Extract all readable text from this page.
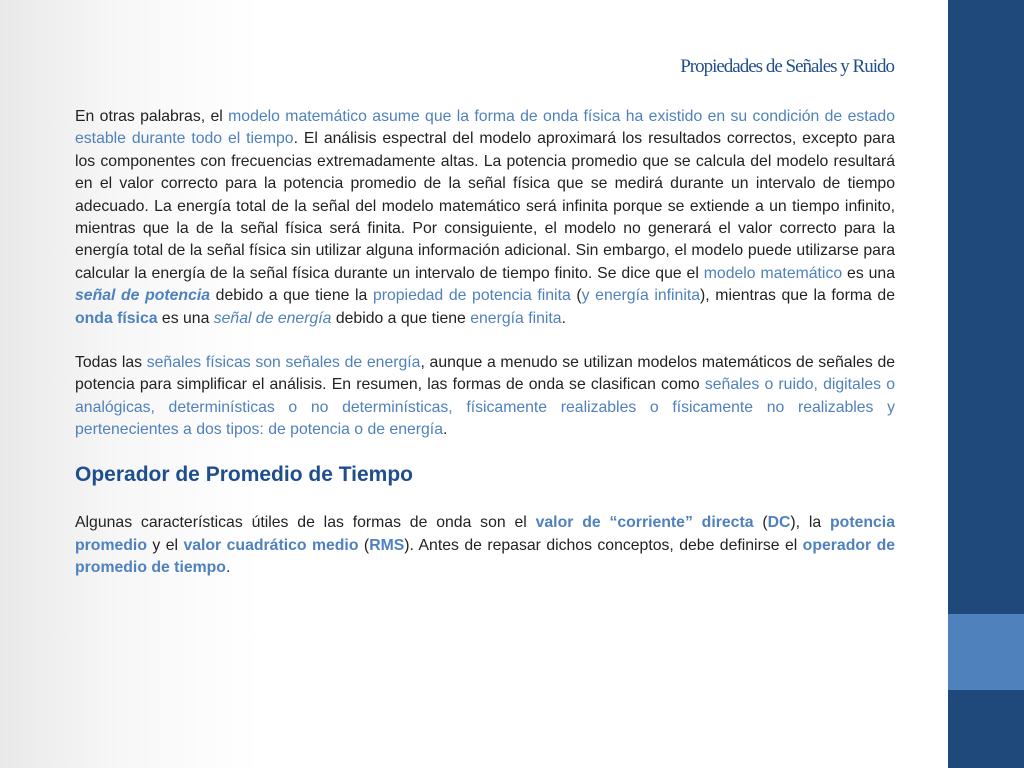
Propiedades de Señales y Ruido

En otras palabras, el modelo matemático asume que la forma de onda física ha existido en su condición de estado estable durante todo el tiempo. El análisis espectral del modelo aproximará los resultados correctos, excepto para los componentes con frecuencias extremadamente altas. La potencia promedio que se calcula del modelo resultará en el valor correcto para la potencia promedio de la señal física que se medirá durante un intervalo de tiempo adecuado. La energía total de la señal del modelo matemático será infinita porque se extiende a un tiempo infinito, mientras que la de la señal física será finita. Por consiguiente, el modelo no generará el valor correcto para la energía total de la señal física sin utilizar alguna información adicional. Sin embargo, el modelo puede utilizarse para calcular la energía de la señal física durante un intervalo de tiempo finito. Se dice que el modelo matemático es una señal de potencia debido a que tiene la propiedad de potencia finita (y energía infinita), mientras que la forma de onda física es una señal de energía debido a que tiene energía finita.

Todas las señales físicas son señales de energía, aunque a menudo se utilizan modelos matemáticos de señales de potencia para simplificar el análisis. En resumen, las formas de onda se clasifican como señales o ruido, digitales o analógicas, determinísticas o no determinísticas, físicamente realizables o físicamente no realizables y pertenecientes a dos tipos: de potencia o de energía.

Operador de Promedio de Tiempo

Algunas características útiles de las formas de onda son el valor de “corriente” directa (DC), la potencia promedio y el valor cuadrático medio (RMS). Antes de repasar dichos conceptos, debe definirse el operador de promedio de tiempo.
